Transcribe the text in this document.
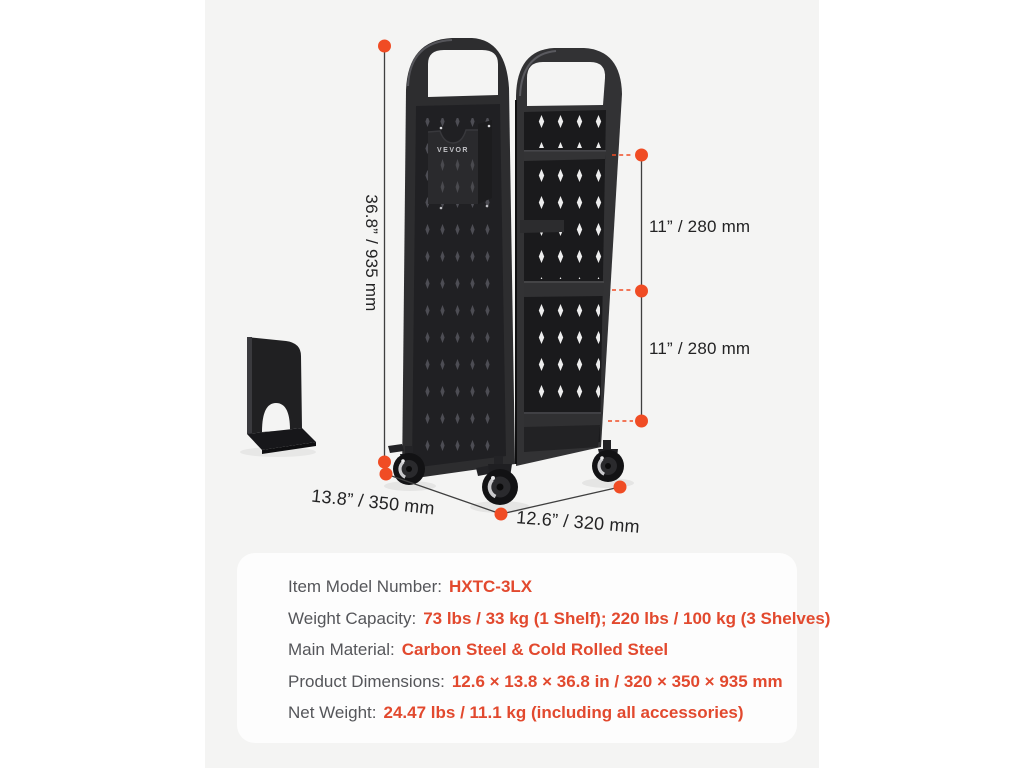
VEVOR
36.8” / 935 mm	11” / 280 mm
11” / 280 mm
13.8” / 350 mm
12.6” / 320 mm
Item Model Number: HXTC-3LX
Weight Capacity: 73 lbs / 33 kg (1 Shelf); 220 lbs / 100 kg (3 Shelves)
Main Material: Carbon Steel & Cold Rolled Steel
Product Dimensions: 12.6 × 13.8 × 36.8 in / 320 × 350 × 935 mm
Net Weight: 24.47 lbs / 11.1 kg (including all accessories)
